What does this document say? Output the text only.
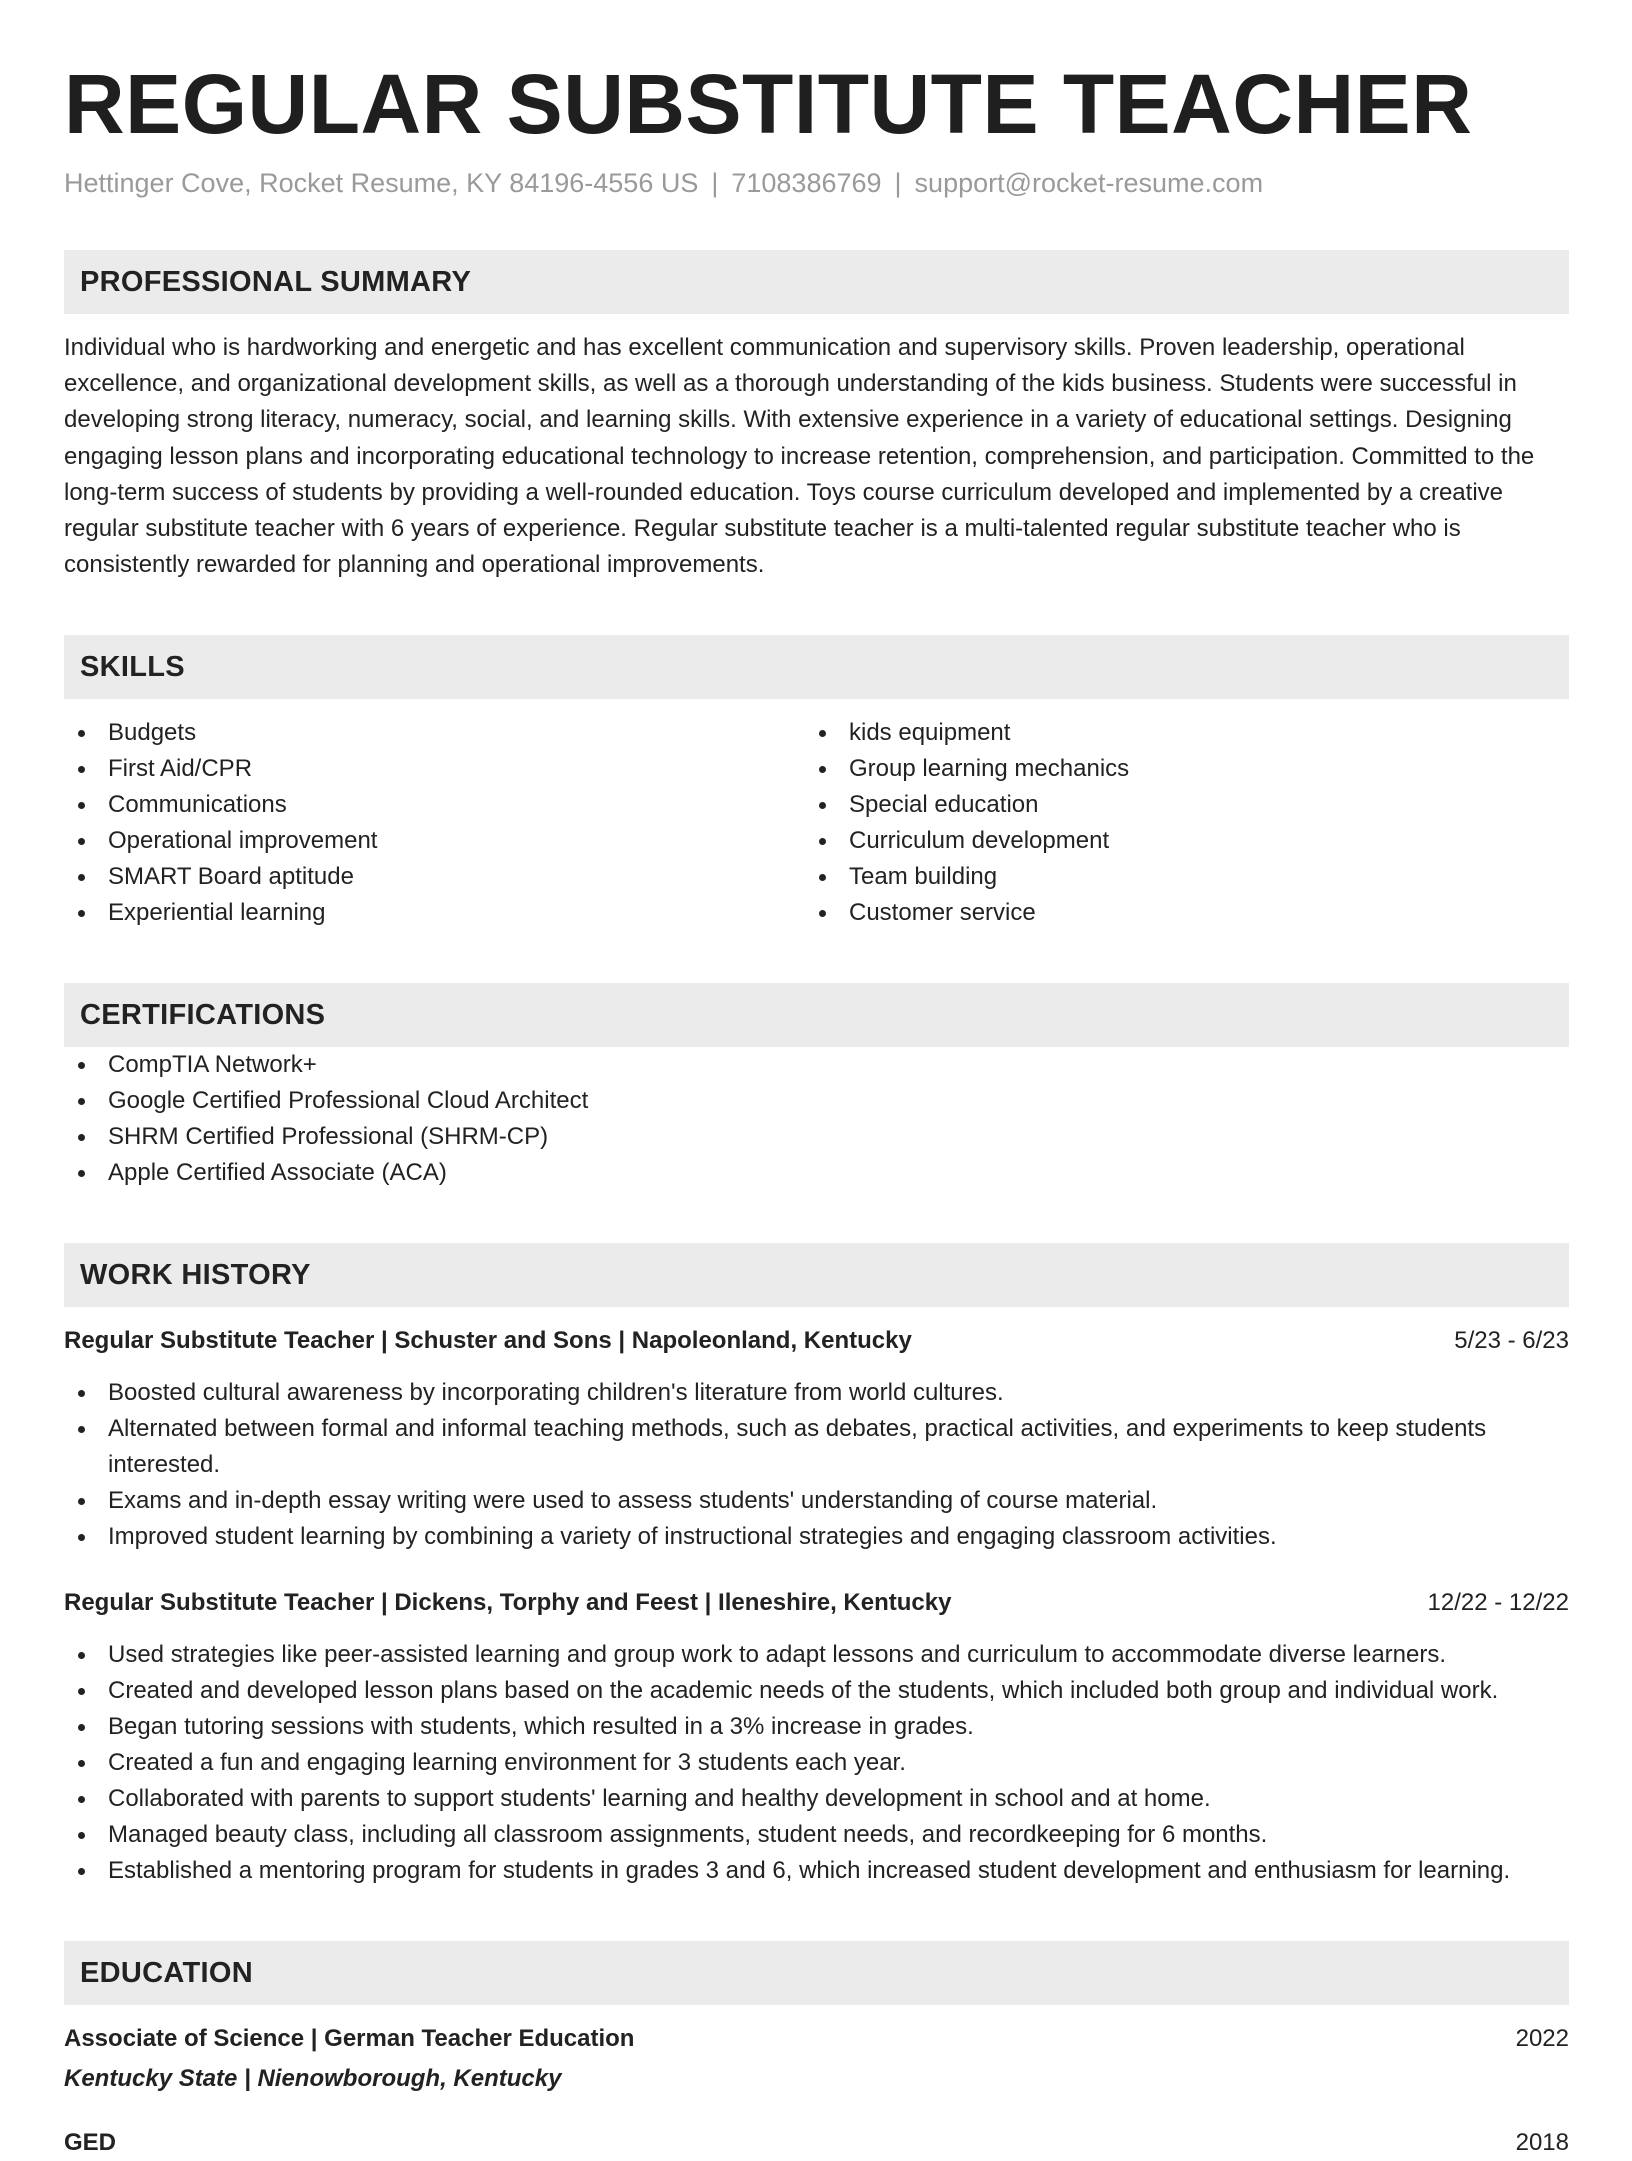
REGULAR SUBSTITUTE TEACHER
Hettinger Cove, Rocket Resume, KY 84196-4556 US | 7108386769 | support@rocket-resume.com
PROFESSIONAL SUMMARY
Individual who is hardworking and energetic and has excellent communication and supervisory skills. Proven leadership, operational excellence, and organizational development skills, as well as a thorough understanding of the kids business. Students were successful in developing strong literacy, numeracy, social, and learning skills. With extensive experience in a variety of educational settings. Designing engaging lesson plans and incorporating educational technology to increase retention, comprehension, and participation. Committed to the long-term success of students by providing a well-rounded education. Toys course curriculum developed and implemented by a creative regular substitute teacher with 6 years of experience. Regular substitute teacher is a multi-talented regular substitute teacher who is consistently rewarded for planning and operational improvements.
SKILLS
Budgets
First Aid/CPR
Communications
Operational improvement
SMART Board aptitude
Experiential learning
kids equipment
Group learning mechanics
Special education
Curriculum development
Team building
Customer service
CERTIFICATIONS
CompTIA Network+
Google Certified Professional Cloud Architect
SHRM Certified Professional (SHRM-CP)
Apple Certified Associate (ACA)
WORK HISTORY
Regular Substitute Teacher | Schuster and Sons | Napoleonland, Kentucky	5/23 - 6/23
Boosted cultural awareness by incorporating children's literature from world cultures.
Alternated between formal and informal teaching methods, such as debates, practical activities, and experiments to keep students interested.
Exams and in-depth essay writing were used to assess students' understanding of course material.
Improved student learning by combining a variety of instructional strategies and engaging classroom activities.
Regular Substitute Teacher | Dickens, Torphy and Feest | Ileneshire, Kentucky	12/22 - 12/22
Used strategies like peer-assisted learning and group work to adapt lessons and curriculum to accommodate diverse learners.
Created and developed lesson plans based on the academic needs of the students, which included both group and individual work.
Began tutoring sessions with students, which resulted in a 3% increase in grades.
Created a fun and engaging learning environment for 3 students each year.
Collaborated with parents to support students' learning and healthy development in school and at home.
Managed beauty class, including all classroom assignments, student needs, and recordkeeping for 6 months.
Established a mentoring program for students in grades 3 and 6, which increased student development and enthusiasm for learning.
EDUCATION
Associate of Science | German Teacher Education	2022
Kentucky State | Nienowborough, Kentucky
GED	2018
